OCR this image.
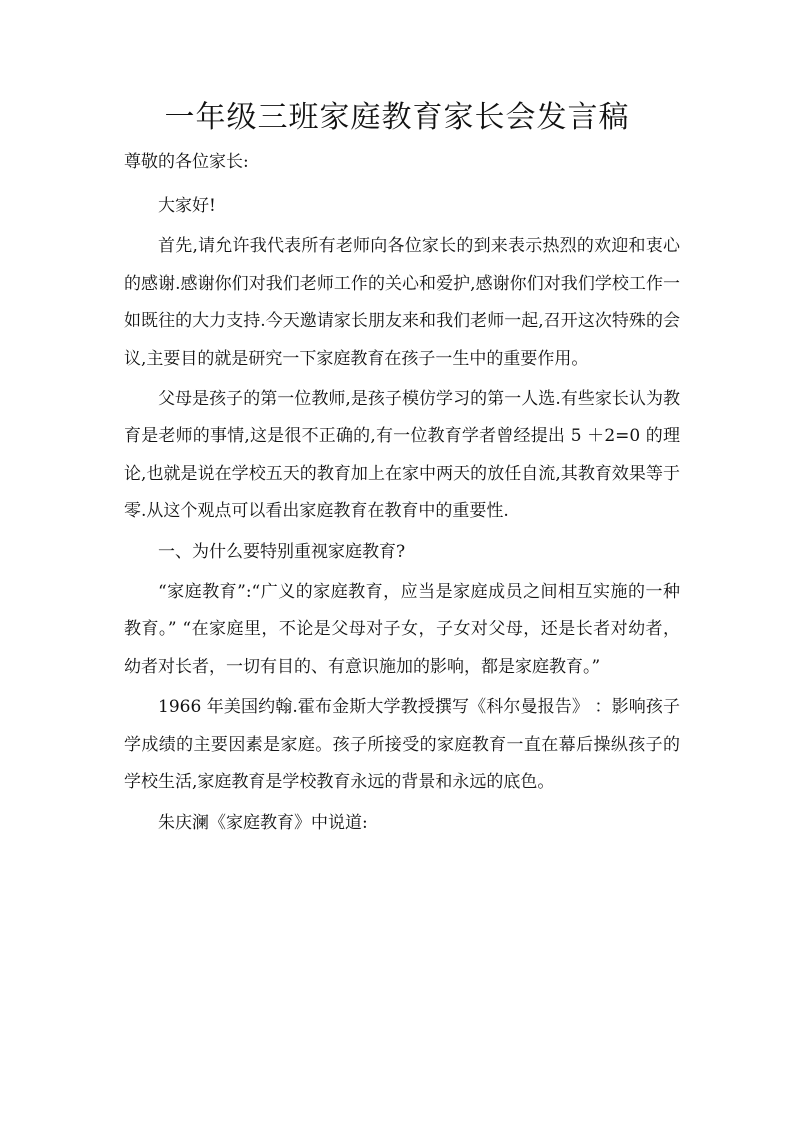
一年级三班家庭教育家长会发言稿
尊敬的各位家长:

大家好!

首先,请允许我代表所有老师向各位家长的到来表示热烈的欢迎和衷心的感谢.感谢你们对我们老师工作的关心和爱护,感谢你们对我们学校工作一如既往的大力支持.今天邀请家长朋友来和我们老师一起,召开这次特殊的会议,主要目的就是研究一下家庭教育在孩子一生中的重要作用。

父母是孩子的第一位教师,是孩子模仿学习的第一人选.有些家长认为教育是老师的事情,这是很不正确的,有一位教育学者曾经提出 5 ＋2=0 的理论,也就是说在学校五天的教育加上在家中两天的放任自流,其教育效果等于零.从这个观点可以看出家庭教育在教育中的重要性.

一、为什么要特别重视家庭教育?

“家庭教育”:“广义的家庭教育，应当是家庭成员之间相互实施的一种教育。” “在家庭里，不论是父母对子女，子女对父母，还是长者对幼者，幼者对长者，一切有目的、有意识施加的影响，都是家庭教育。”

1966 年美国约翰.霍布金斯大学教授撰写《科尔曼报告》 ：影响孩子学成绩的主要因素是家庭。孩子所接受的家庭教育一直在幕后操纵孩子的学校生活,家庭教育是学校教育永远的背景和永远的底色。

朱庆澜《家庭教育》中说道:
